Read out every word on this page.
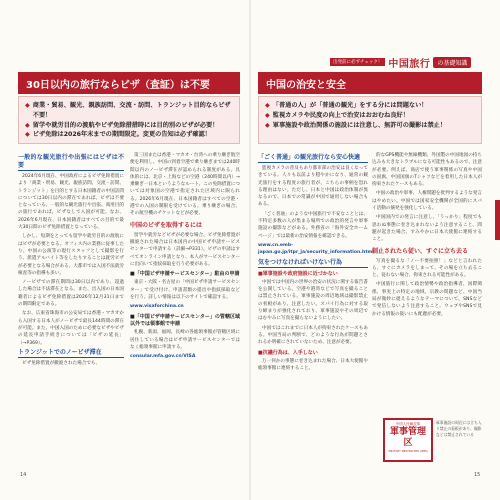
出発前に必ずチェック！ 中国旅行	の基礎知識
30日以内の旅行ならビザ（査証）は不要
◆ 商業・貿易、観光、親族訪問、交流・訪問、トランジット目的ならビザ不要！
◆ 留学や就労目的の渡航やビザ免除措措時には目的別のビザが必要！
◆ ビザ免除は2026年末までの期間限定。変更の告知は必ず確認！
一般的な観光旅行や出張にはビザは不要

2024年6月現在、中国政府によるビザ免除措置により「商業・貿易、観光、親族訪問、交流・訪問、トランジット」を目的とする日本国籍者の中国訪問については30日以内の滞在であれば、ビザは不要となっている。一般的な観光旅行や出張、商用目的の旅行であれば、ビザなしで入国が可能。なお、2026年6月現在、日本国籍者はすべての目的で最大30日間のビザ免除措置となっている。

しかし、短期をとっても留学や就労目的の渡航にはビザが必要となる。オフィス内の業務に従事したり、中国の公演等の現行スタッフとして撮影を行う、派遣アルバイト等をしたりすることは就労ビザが必要となる場合がある。大都市では入国不法就労検査等の指導も多い。

ノービザでの滞在期間は30日以内であり、超過した場合は不法滞在となる。また、出入国の日本国籍者によるビザ免除措置は2026年12月31日までの期間限定である。

なお、広東省珠海市の公安局では香港・マカオから入国する日本人がノービザで最長144時間の滞在が可能。また、中国入国のために必要なビザやビザの延長申請手続きについては「ビザの延長」（→P369）。

トランジットでのノービザ滞在

ビザ免除措置が撤廃された場合でも、

第三国または香港・マカオ・台湾への乗り継ぎ航空便を利用し、中国の到着空港で乗り継ぎまでは240時間以内のノービザ滞在が認められる制度がある。具体的には、北京・上海などの空港（240時間以内）→乗継ぎ一日本というようなルート。この免除措置については対象国の空港で指定された区域内に限られる。2026年6月現在、日本国籍者はすべての空港・港での入国の制限を受けている。乗り継ぎの場合、その航空機のチケットなどが必要。

中国のビザを取得するには

留学や就労などビザが必要な場合、ビザ免除措置が撤廃された場合は日本国内の中国ビザ申請サービスセンターで申請する（詳細→P331）。ビザの申請はすべてオンライン申請となり、本人がサービスセンターに出向いて指紋採取を行う必要がある。

■「中国ビザ申請サービスセンター」駐由の申請

東京・大阪・名古屋の「中国ビザ申請サービスセンター」で受け付け、申請書類の提出や指紋採取などを行う。詳しい情報は以下のサイトで確認する。

www.visaforchina.cn
■「中国ビザ申請サービスセンター」の管轄区域以外では領事館で申請

札幌、新潟、福岡、長崎の各総領事館が管轄区域に居住している場合はビザ申請サービスセンターではなく総領事館に申請する。

consular.mfa.gov.cn/VISA
中国の治安と安全
◆ 「普通の人」が「普通の観光」をする分には問題ない！
◆ 監視カメラや民度の向上で治安はおおむね良好！
◆ 軍事施設や政治関係の施設には注意し、無許可の撮影は禁止！
「ごく普通」の観光旅行なら安心快適

監視カメラの普及もあり都市部の治安は良くなってきている。人々も以前より穏やかになり、通常の観光旅行をする程度の旅行者が、こちらの事柄を恐れる理由はない。ただし、日本と中国は政治体制が異なるので、日本での常識が中国で通用しない場合もある。

「ごく普通」のような中国旅行で不安なこととは、不特定多数の人が集まる場所での政治的発言や軍事施設の撮影などがある。外務省の「海外安全ホームページ」では最新の治安情報を確認できる。

www.cn.emb-japan.go.jp/itpr_ja/security_information.html
気をつけなければいけない行為
■軍事施設や政府施設に近づかない

中国では中国内の世界の治安の状況に関する報告書を公開している。空港や港湾などで写真を撮ることは禁止されている。軍事施設の周辺地域は撮影禁止の看板があり、注意したい。スパイ行為に対する取り締まりが強化されており、軍事施設やその周辺ではむやみに写真を撮らないようにしたい。

中国ではこれまでに日本人が拘束されたケースもある。中国当局の判断で、どのような行為が問題とされるか明確にされていないため、注意が必要。

■抗議行為は、入手しない

万一何かの事態に巻き込まれた場合、日本大使館や総領事館に連絡すること。

的なGPS機能や無線機類、外国製の中国地図の持ち込みも大きなトラブルになる可能性もあるので、注意が必要。例えば、商店で使う軍事関係の写真や中国の国旗、中国国旗のTシャツなどを着用した日本人が拘束されたケースもある。

中国の政治や軍事、人権問題を批判するような発言はやめたい。中国では国家安全機関が全国的にスパイ活動の摘発を強化している。

中国国内での発言に注意し、「うっかり」程度でも思わぬ事態に巻き込まれないよう注意すること。問題が起きた場合、すみやかに日本大使館に連絡すること。

制止されたら従い、すぐに立ち去る

写真を撮るな「ノー不要拍照！」などと言われたら、すぐにカメラをしまって、その場を立ち去ること。従わない場合、拘束される可能性がある。

中国旅行に関して政治情勢や政治指導者、国際関係、事実上の特定の地域、宗教の問題など、中国当局が微妙に捉えるようなテーマについて、SNSなどで発信しないよう注意すること。ウェブやSNSで見かける情報の扱いにも配慮が必要。

中国人民解放軍
軍事管理区
MILITARY RESTRICTED AREA
軍事施設の周辺には立ち入り禁止の看板があり、撮影などは禁止されている
14	15
